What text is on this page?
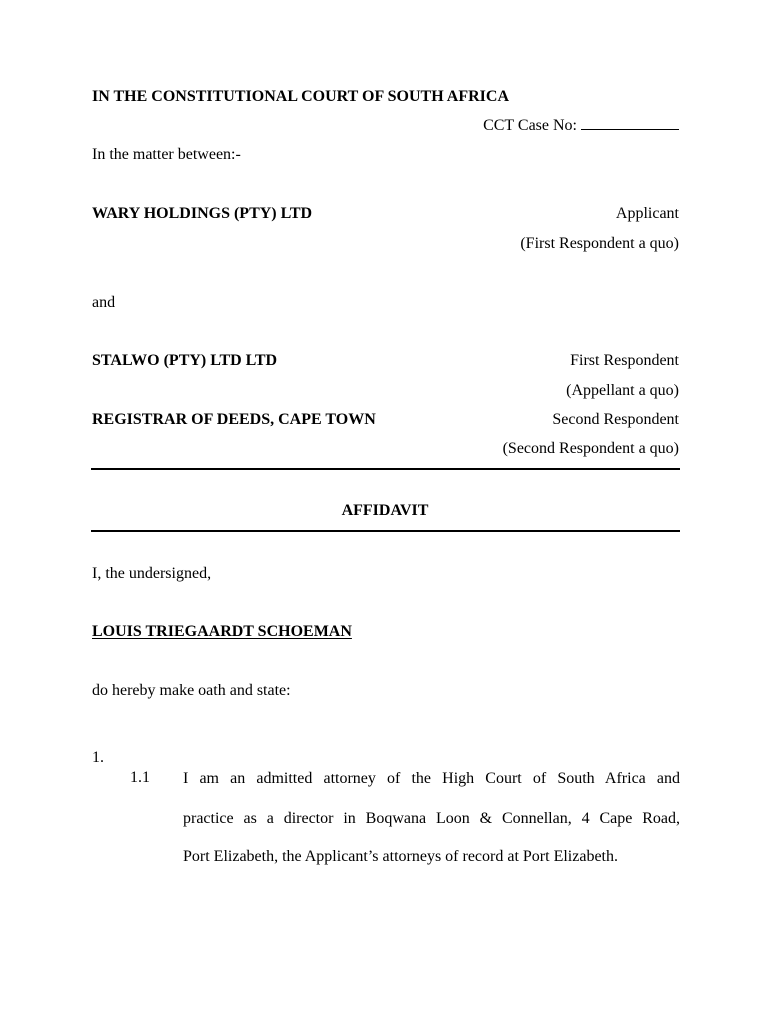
IN THE CONSTITUTIONAL COURT OF SOUTH AFRICA
CCT Case No:
In the matter between:-
WARY HOLDINGS (PTY) LTD	Applicant
(First Respondent a quo)
and
STALWO (PTY) LTD LTD	First Respondent
(Appellant a quo)
REGISTRAR OF DEEDS, CAPE TOWN	Second Respondent
(Second Respondent a quo)
AFFIDAVIT
I, the undersigned,
LOUIS TRIEGAARDT SCHOEMAN
do hereby make oath and state:
1.
1.1 I am an admitted attorney of the High Court of South Africa and
practice as a director in Boqwana Loon & Connellan, 4 Cape Road,
Port Elizabeth, the Applicant’s attorneys of record at Port Elizabeth.
